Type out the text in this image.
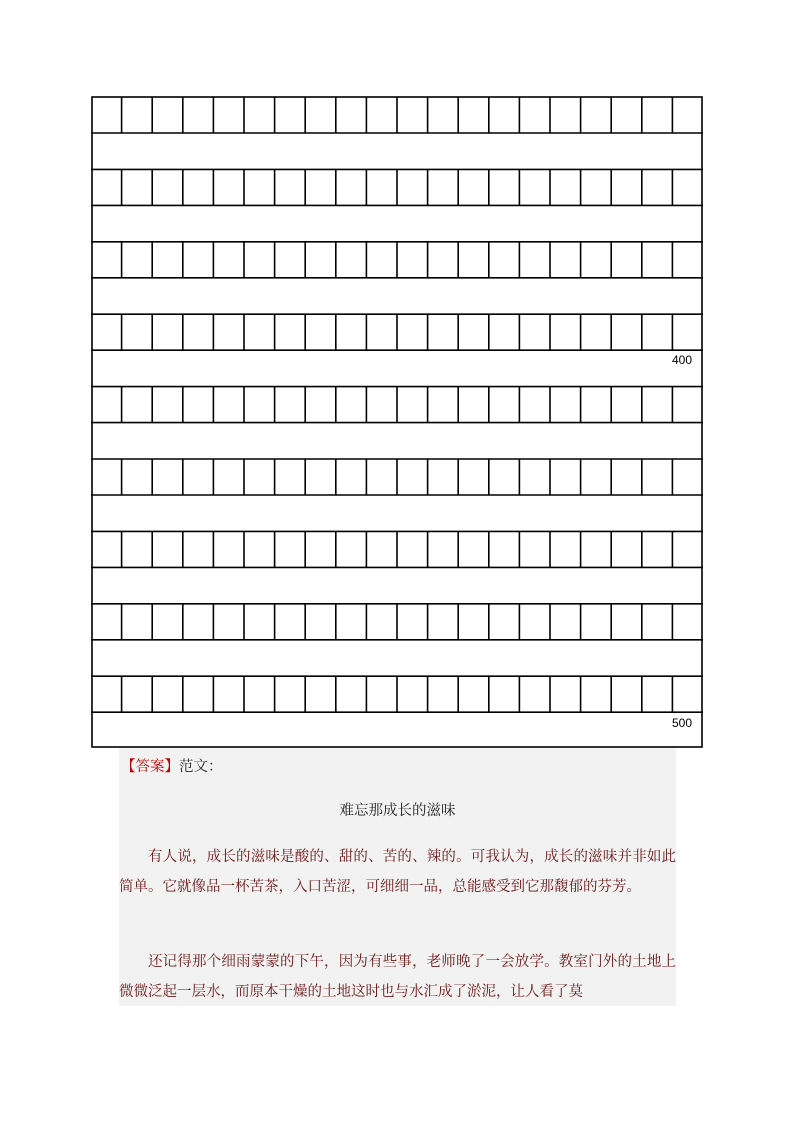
400
500
【答案】范文：
难忘那成长的滋味

有人说，成长的滋味是酸的、甜的、苦的、辣的。可我认为，成长的滋味并非如此简单。它就像品一杯苦茶，入口苦涩，可细细一品，总能感受到它那馥郁的芬芳。

还记得那个细雨蒙蒙的下午，因为有些事，老师晚了一会放学。教室门外的土地上微微泛起一层水，而原本干燥的土地这时也与水汇成了淤泥，让人看了莫
